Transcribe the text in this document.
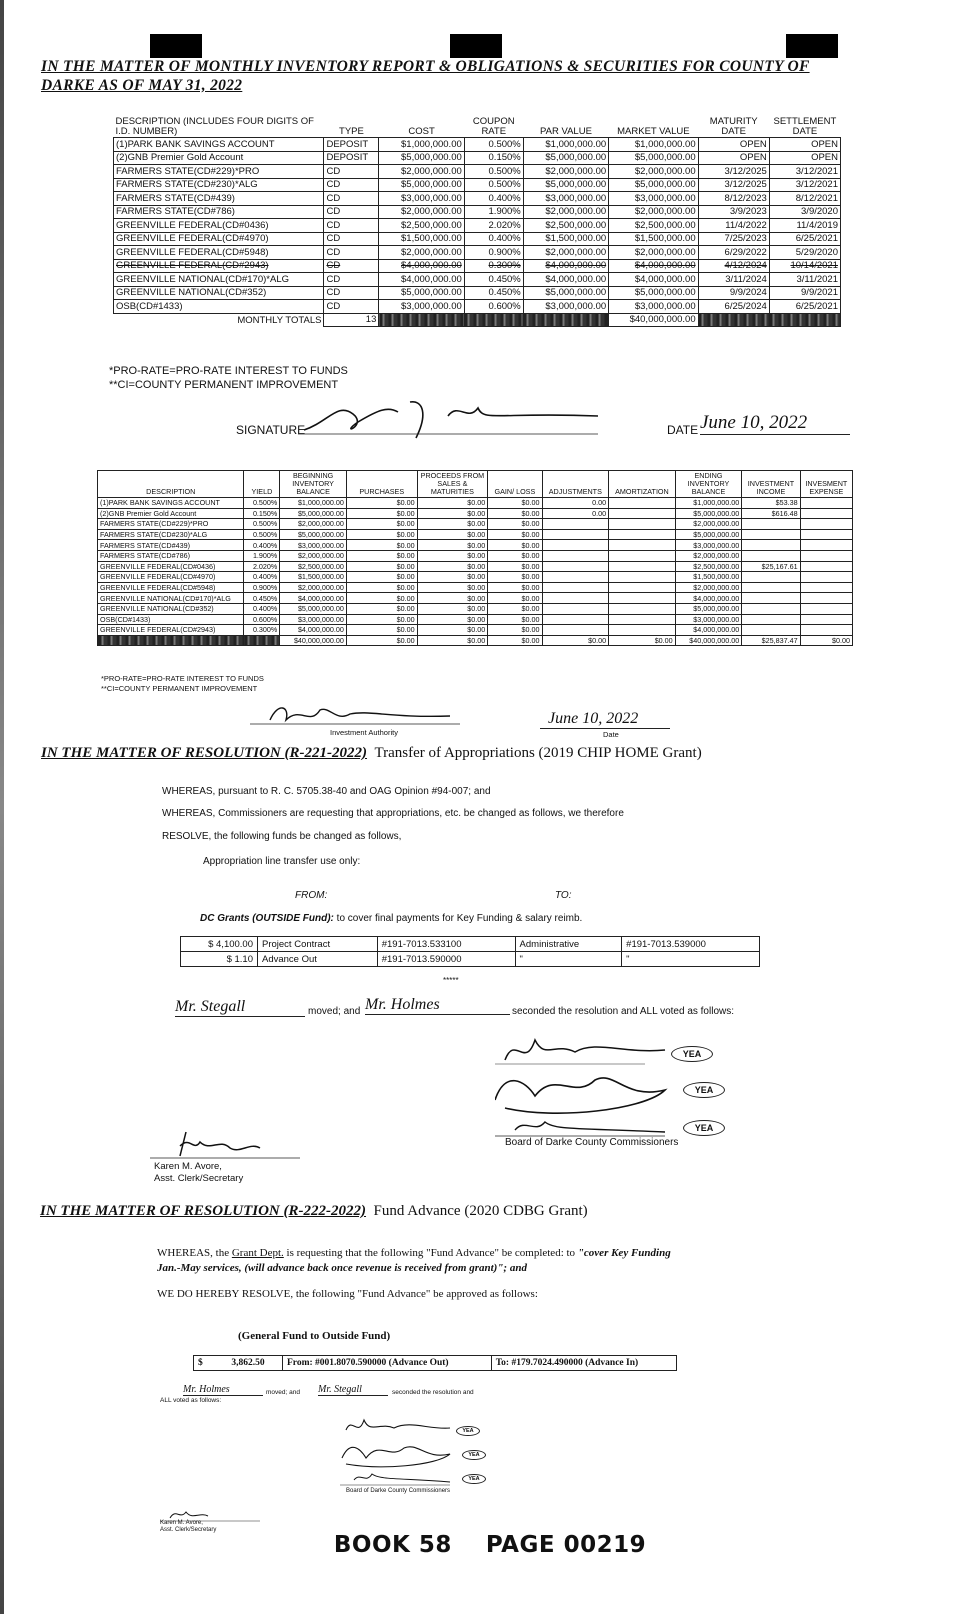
IN THE MATTER OF MONTHLY INVENTORY REPORT & OBLIGATIONS & SECURITIES FOR COUNTY OF
DARKE AS OF MAY 31, 2022
DESCRIPTION (INCLUDES FOUR DIGITS OF I.D. NUMBER)	TYPE	COST	COUPON RATE	PAR VALUE	MARKET VALUE	MATURITY DATE	SETTLEMENT DATE
(1)PARK BANK SAVINGS ACCOUNT	DEPOSIT	$1,000,000.00	0.500%	$1,000,000.00	$1,000,000.00	OPEN	OPEN
(2)GNB Premier Gold Account	DEPOSIT	$5,000,000.00	0.150%	$5,000,000.00	$5,000,000.00	OPEN	OPEN
FARMERS STATE(CD#229)*PRO	CD	$2,000,000.00	0.500%	$2,000,000.00	$2,000,000.00	3/12/2025	3/12/2021
FARMERS STATE(CD#230)*ALG	CD	$5,000,000.00	0.500%	$5,000,000.00	$5,000,000.00	3/12/2025	3/12/2021
FARMERS STATE(CD#439)	CD	$3,000,000.00	0.400%	$3,000,000.00	$3,000,000.00	8/12/2023	8/12/2021
FARMERS STATE(CD#786)	CD	$2,000,000.00	1.900%	$2,000,000.00	$2,000,000.00	3/9/2023	3/9/2020
GREENVILLE FEDERAL(CD#0436)	CD	$2,500,000.00	2.020%	$2,500,000.00	$2,500,000.00	11/4/2022	11/4/2019
GREENVILLE FEDERAL(CD#4970)	CD	$1,500,000.00	0.400%	$1,500,000.00	$1,500,000.00	7/25/2023	6/25/2021
GREENVILLE FEDERAL(CD#5948)	CD	$2,000,000.00	0.900%	$2,000,000.00	$2,000,000.00	6/29/2022	5/29/2020
GREENVILLE FEDERAL(CD#2943)	CD	$4,000,000.00	0.300%	$4,000,000.00	$4,000,000.00	4/12/2024	10/14/2021
GREENVILLE NATIONAL(CD#170)*ALG	CD	$4,000,000.00	0.450%	$4,000,000.00	$4,000,000.00	3/11/2024	3/11/2021
GREENVILLE NATIONAL(CD#352)	CD	$5,000,000.00	0.450%	$5,000,000.00	$5,000,000.00	9/9/2024	9/9/2021
OSB(CD#1433)	CD	$3,000,000.00	0.600%	$3,000,000.00	$3,000,000.00	6/25/2024	6/25/2021
MONTHLY TOTALS	13				$40,000,000.00		
*PRO-RATE=PRO-RATE INTEREST TO FUNDS
**CI=COUNTY PERMANENT IMPROVEMENT
SIGNATURE	DATE June 10, 2022
DESCRIPTION	YIELD	BEGINNING INVENTORY BALANCE	PURCHASES	PROCEEDS FROM SALES & MATURITIES	GAIN/ LOSS	ADJUSTMENTS	AMORTIZATION	ENDING INVENTORY BALANCE	INVESTMENT INCOME	INVESMENT EXPENSE
(1)PARK BANK SAVINGS ACCOUNT	0.500%	$1,000,000.00	$0.00	$0.00	$0.00	0.00		$1,000,000.00	$53.38	
(2)GNB Premier Gold Account	0.150%	$5,000,000.00	$0.00	$0.00	$0.00	0.00		$5,000,000.00	$616.48	
FARMERS STATE(CD#229)*PRO	0.500%	$2,000,000.00	$0.00	$0.00	$0.00			$2,000,000.00		
FARMERS STATE(CD#230)*ALG	0.500%	$5,000,000.00	$0.00	$0.00	$0.00			$5,000,000.00		
FARMERS STATE(CD#439)	0.400%	$3,000,000.00	$0.00	$0.00	$0.00			$3,000,000.00		
FARMERS STATE(CD#786)	1.900%	$2,000,000.00	$0.00	$0.00	$0.00			$2,000,000.00		
GREENVILLE FEDERAL(CD#0436)	2.020%	$2,500,000.00	$0.00	$0.00	$0.00			$2,500,000.00	$25,167.61	
GREENVILLE FEDERAL(CD#4970)	0.400%	$1,500,000.00	$0.00	$0.00	$0.00			$1,500,000.00		
GREENVILLE FEDERAL(CD#5948)	0.900%	$2,000,000.00	$0.00	$0.00	$0.00			$2,000,000.00		
GREENVILLE NATIONAL(CD#170)*ALG	0.450%	$4,000,000.00	$0.00	$0.00	$0.00			$4,000,000.00		
GREENVILLE NATIONAL(CD#352)	0.400%	$5,000,000.00	$0.00	$0.00	$0.00			$5,000,000.00		
OSB(CD#1433)	0.600%	$3,000,000.00	$0.00	$0.00	$0.00			$3,000,000.00		
GREENVILLE FEDERAL(CD#2943)	0.300%	$4,000,000.00	$0.00	$0.00	$0.00			$4,000,000.00		
		$40,000,000.00	$0.00	$0.00	$0.00	$0.00	$0.00	$40,000,000.00	$25,837.47	$0.00
*PRO-RATE=PRO-RATE INTEREST TO FUNDS
**CI=COUNTY PERMANENT IMPROVEMENT
Investment Authority
June 10, 2022
Date
IN THE MATTER OF RESOLUTION (R-221-2022) Transfer of Appropriations (2019 CHIP HOME Grant)
WHEREAS, pursuant to R. C. 5705.38-40 and OAG Opinion #94-007; and
WHEREAS, Commissioners are requesting that appropriations, etc. be changed as follows, we therefore
RESOLVE, the following funds be changed as follows,
Appropriation line transfer use only:
FROM:	TO:
DC Grants (OUTSIDE Fund): to cover final payments for Key Funding & salary reimb.
$ 4,100.00	Project Contract	#191-7013.533100	Administrative	#191-7013.539000
$ 1.10	Advance Out	#191-7013.590000	"	"
*****
Mr. Stegall	moved; and Mr. Holmes	seconded the resolution and ALL voted as follows:
YEA
YEA
YEA
Board of Darke County Commissioners
Karen M. Avore,
Asst. Clerk/Secretary
IN THE MATTER OF RESOLUTION (R-222-2022) Fund Advance (2020 CDBG Grant)
WHEREAS, the Grant Dept. is requesting that the following "Fund Advance" be completed: to "cover Key Funding
Jan.-May services, (will advance back once revenue is received from grant)"; and
WE DO HEREBY RESOLVE, the following "Fund Advance" be approved as follows:
(General Fund to Outside Fund)
$	3,862.50	From: #001.8070.590000 (Advance Out)	To: #179.7024.490000 (Advance In)
Mr. Holmes	moved; and Mr. Stegall	seconded the resolution and
ALL voted as follows:
YEA
YEA
YEA
Board of Darke County Commissioners
Karen M. Avore,
Asst. Clerk/Secretary
BOOK 58 PAGE 00219
